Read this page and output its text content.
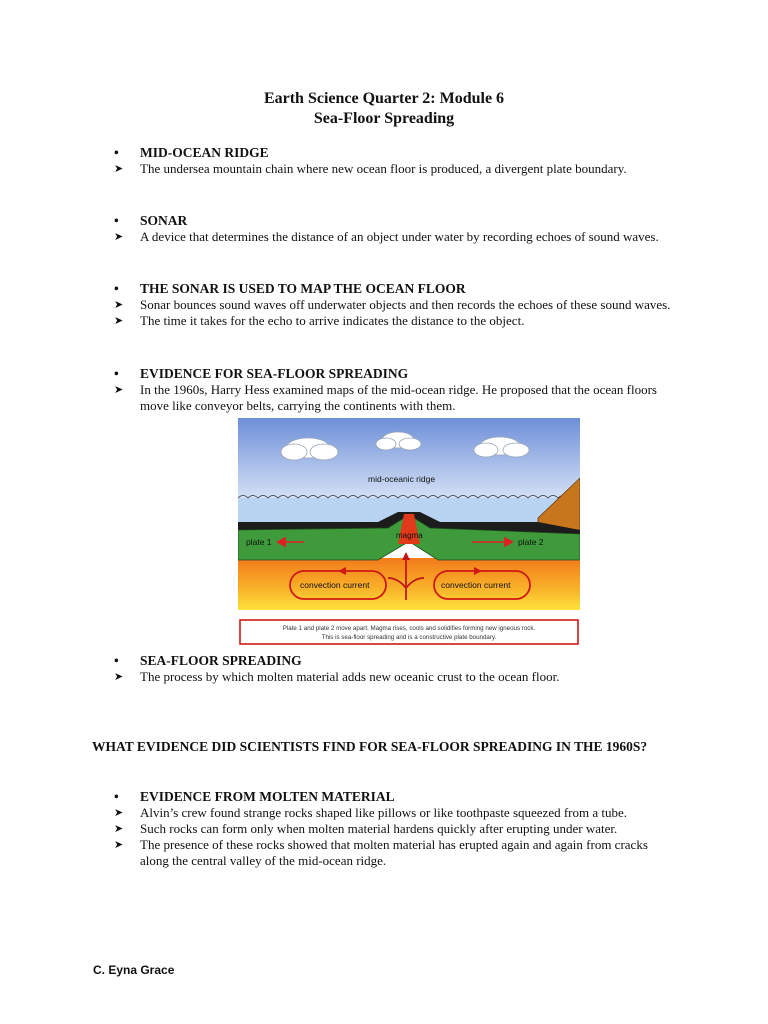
Earth Science Quarter 2: Module 6
Sea-Floor Spreading
• MID-OCEAN RIDGE
➤ The undersea mountain chain where new ocean floor is produced, a divergent plate boundary.
• SONAR
➤ A device that determines the distance of an object under water by recording echoes of sound waves.
• THE SONAR IS USED TO MAP THE OCEAN FLOOR
➤ Sonar bounces sound waves off underwater objects and then records the echoes of these sound waves.
➤ The time it takes for the echo to arrive indicates the distance to the object.
• EVIDENCE FOR SEA-FLOOR SPREADING
➤ In the 1960s, Harry Hess examined maps of the mid-ocean ridge. He proposed that the ocean floors move like conveyor belts, carrying the continents with them.
mid-oceanic ridge
plate 1	plate 2
magma
convection current	convection current
Plate 1 and plate 2 move apart. Magma rises, cools and solidifies forming new igneous rock.
This is sea-floor spreading and is a constructive plate boundary.
• SEA-FLOOR SPREADING
➤ The process by which molten material adds new oceanic crust to the ocean floor.
WHAT EVIDENCE DID SCIENTISTS FIND FOR SEA-FLOOR SPREADING IN THE 1960S?
• EVIDENCE FROM MOLTEN MATERIAL
➤ Alvin’s crew found strange rocks shaped like pillows or like toothpaste squeezed from a tube.
➤ Such rocks can form only when molten material hardens quickly after erupting under water.
➤ The presence of these rocks showed that molten material has erupted again and again from cracks along the central valley of the mid-ocean ridge.
C. Eyna Grace
